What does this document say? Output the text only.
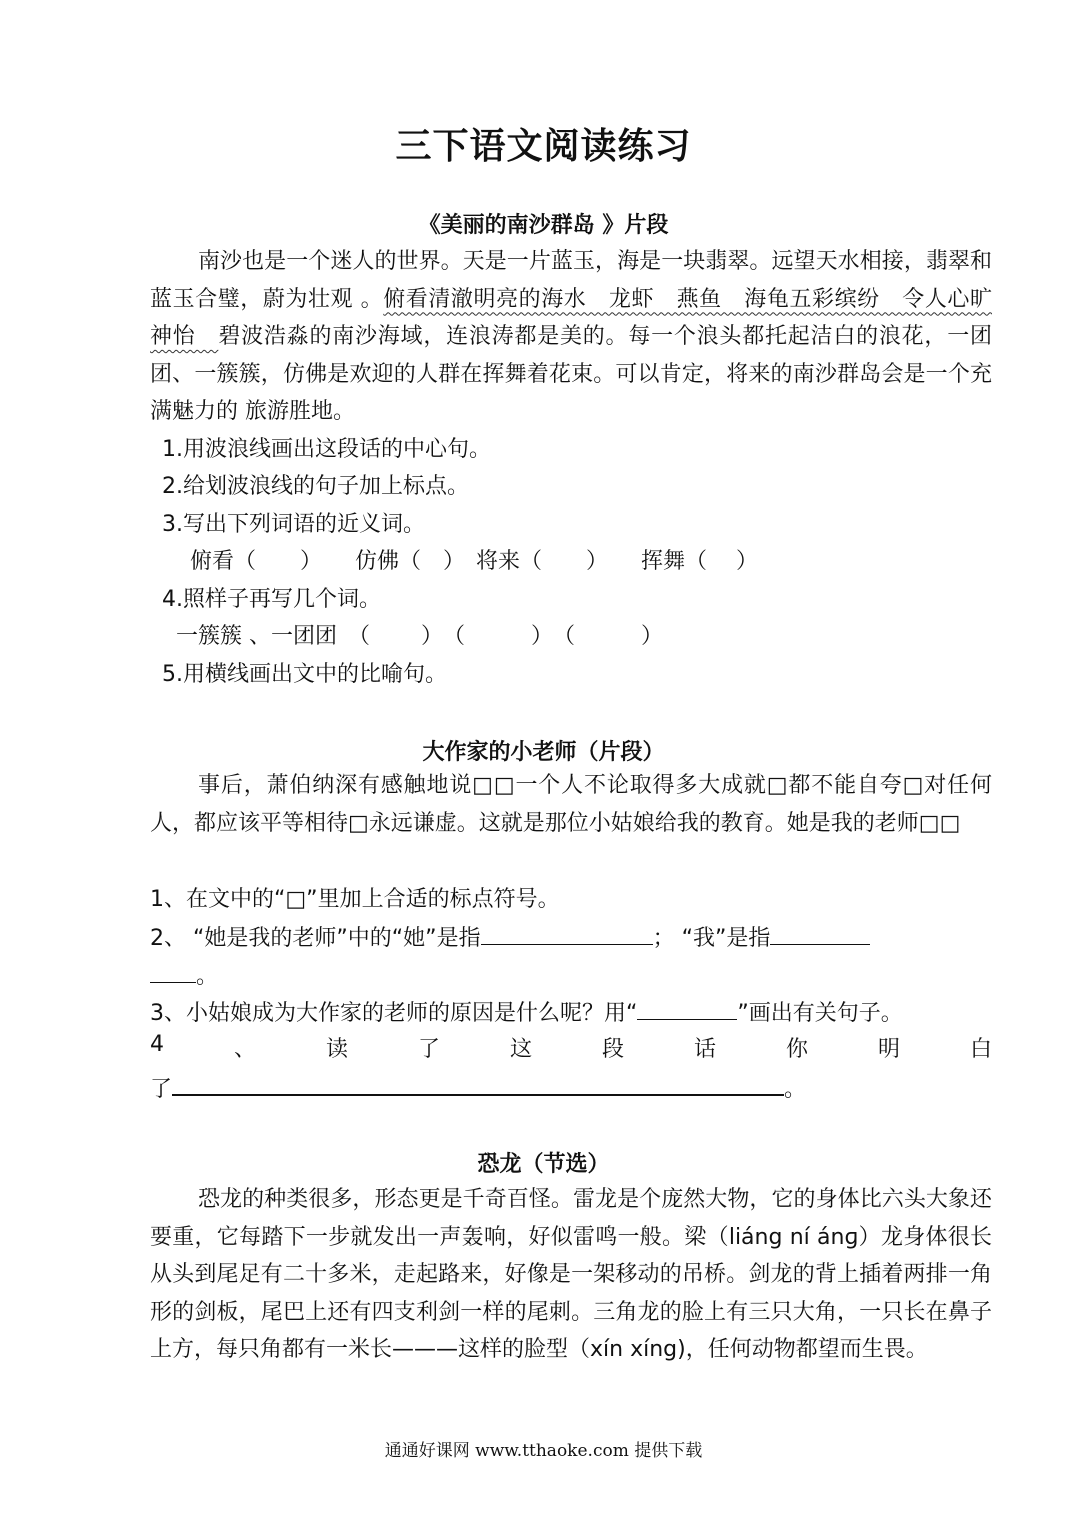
三下语文阅读练习
《美丽的南沙群岛 》片段

南沙也是一个迷人的世界。天是一片蓝玉，海是一块翡翠。远望天水相接，翡翠和蓝玉合璧，蔚为壮观 。俯看清澈明亮的海水　龙虾　燕鱼　海龟五彩缤纷　令人心旷神怡　碧波浩淼的南沙海域，连浪涛都是美的。每一个浪头都托起洁白的浪花，一团团、一簇簇，仿佛是欢迎的人群在挥舞着花束。可以肯定，将来的南沙群岛会是一个充满魅力的 旅游胜地。

1.用波浪线画出这段话的中心句。

2.给划波浪线的句子加上标点。

3.写出下列词语的近义词。

俯看（　　）　　仿佛（　）　将来（　　）　　挥舞（　 ）

4.照样子再写几个词。

一簇簇 、一团团　（　　 ）　（　　　）　（　　　）

5.用横线画出文中的比喻句。

大作家的小老师（片段）

事后，萧伯纳深有感触地说□□一个人不论取得多大成就□都不能自夸□对任何人，都应该平等相待□永远谦虚。这就是那位小姑娘给我的教育。她是我的老师□□

1、在文中的“□”里加上合适的标点符号。

2、 “她是我的老师”中的“她”是指	； “我”是指

。

3、小姑娘成为大作家的老师的原因是什么呢？用“	”画出有关句子。

4	、	读	了	这	段	话	你	明	白

了	。

恐龙（节选）

恐龙的种类很多，形态更是千奇百怪。雷龙是个庞然大物，它的身体比六头大象还要重，它每踏下一步就发出一声轰响，好似雷鸣一般。梁（liáng ní ánɡ）龙身体很长从头到尾足有二十多米，走起路来，好像是一架移动的吊桥。剑龙的背上插着两排一角形的剑板，尾巴上还有四支利剑一样的尾刺。三角龙的脸上有三只大角，一只长在鼻子上方，每只角都有一米长———这样的脸型（xín xíng)，任何动物都望而生畏。

通通好课网 www.tthaoke.com 提供下载
